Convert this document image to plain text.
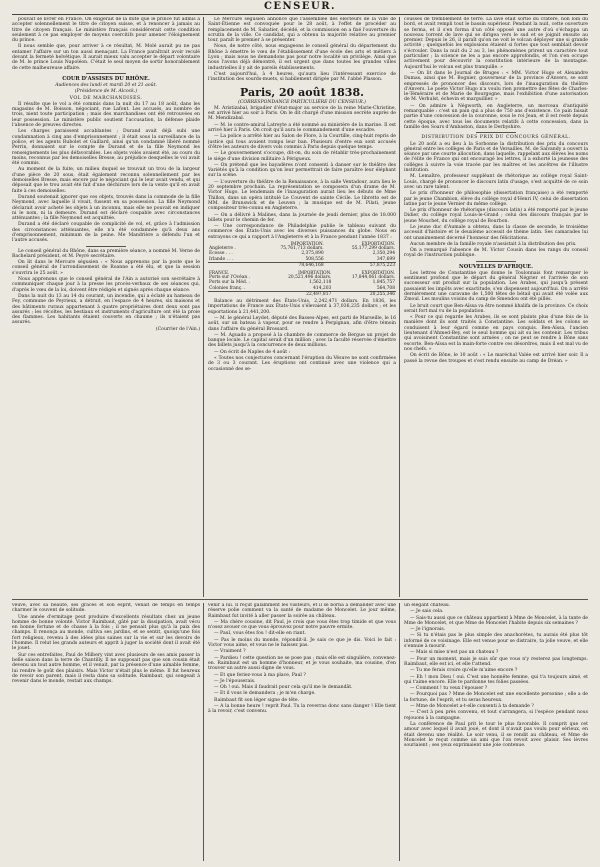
CENSEUR.

pouvait se livrer en France. On exigerait de la dûte que le prince fût admis à accepter solennellement le titre de citoyen suisse, et à renoncer à jamais au titre de citoyen français. Le ministère français considérerait cette condition seulement à ce pas employer de moyens coercitifs pour amener l'éloignement du prince.

Il nous semble que, pour arriver à ce résultat, M. Molé aurait pu ne pas entamer l'affaire sur un ton aussi menaçant. La France paraîtrait avoir reculé devant la fermeté helvétique. Il aurait mieux valu accepter le départ volontaire de M. le prince Louis Napoléon. C'était le seul moyen de sortir honorablement de cette malheureuse affaire.

COUR D'ASSISES DU RHÔNE.

Audiences des lundi et mardi 20 et 21 août.

(Présidence de M. Alcock.)

VOL DE MARCHANDISES.

Il résulte que le vol a été commis dans la nuit du 17 au 18 août, dans les magasins de M. Boisson, négociant, rue Lafont. Les accusés, au nombre de trois, nient toute participation ; mais des marchandises ont été retrouvées en leur possession. Le ministère public soutient l'accusation, la défense plaide l'absence de preuves directes.

Les charges paraissent accablantes ; Durand avait déjà subi une condamnation à cinq ans d'emprisonnement ; il était sous la surveillance de la police, et les agents Rubolet et Gaillard, ainsi qu'un condamné libéré nommé Perrin, donnaient sur le compte de Durand et de la fille Neymond les renseignements les plus défavorables. Les objets volés avaient été, au cours du moins, reconnus par les demoiselles Bresse, au préjudice desquelles le vol avait été commis.

Au moment de la fuite, un milieu duquel se trouvait un trou de la largeur d'une pièce de 20 sous, était également reconnu solennellement par les demoiselles Bresse, mais encore par le négociant qui le leur avait vendu, et qui déposait que le trou avait été fait d'une déchirure lors de la vente qu'il en avait faite à ces demoiselles.

Durand soutenait ignorer que ces objets, trouvés dans la commode de la fille Neymond, avec laquelle il vivait, fussent en sa possession. La fille Neymond déclarait avoir acheté les objets à un inconnu, mais elle ne pouvait en indiquer ni le nom, ni la demeure. Durand est déclaré coupable avec circonstances atténuantes ; la fille Neymond est acquittée.

Durand a été déclaré coupable de complicité de vol, et, grâce à l'admission des circonstances atténuantes, elle n'a été condamnée qu'à deux ans d'emprisonnement, minimum de la peine. Me Mandrière a défendu l'un et l'autre accusés.

Le conseil général du Rhône, dans sa première séance, a nommé M. Verne de Bachelard président, et M. Peyré secrétaire.

On lit dans le Mercure ségusien : « Nous apprenons par la poste que le conseil général de l'arrondissement de Roanne a été élu, et que la session s'ouvrira le 25 août. »

Nous apprenons que le conseil général de l'Ain a autorisé son secrétaire à communiquer chaque jour à la presse les procès-verbaux de ses séances qui, d'après le vœu de la loi, doivent être rédigés et signés après chaque séance.

Dans la nuit du 13 au 14 du courant, un incendie, qui a éclaté au hameau de Fey, commune de Peyrieux, a détruit, en l'espace de 4 heures, six maisons et des bâtiments ruraux appartenant à quatre propriétaires dont deux sont pas assurés ; les récoltes, les bestiaux et instruments d'agriculture ont été la proie des flammes. Les habitants étaient couverts en chaume ; ils n'étaient pas assurés.

(Courrier de l'Ain.)

Le Mercure ségusien annonce que l'assemblée des électeurs de la ville de Saint-Étienne est convoquée pour le 28 août, à l'effet de procéder au remplacement de M. Sabatier, décédé, et la commission en a fixé l'ouverture du scrutin de la ville. Ce candidat, qui a obtenu la majorité relative au premier tour, paraît le premier à se présenter.

Nous, de notre côté, nous engageons le conseil général du département du Rhône à émettre le vœu de l'établissement d'une école des arts et métiers à Lyon ; mais nous ne demandons pas pour notre localité un privilège. Ainsi que nous l'avons déjà démontré, il est urgent que dans toutes les grandes villes industrielles il y ait de pareils établissements.

C'est aujourd'hui, à 4 heures, qu'aura lieu l'intéressant exercice de l'institution des sourds-muets, si habilement dirigée par M. l'abbé Plasson.

Paris, 20 août 1838.

(CORRESPONDANCE PARTICULIÈRE DU CENSEUR.)

M. Aristizabal, brigadier d'état-major au service de la reine Marie-Christine, est arrivé hier au soir à Paris. On le dit chargé d'une mission secrète auprès de M. Mendizabal.

— M. le contre-amiral Latreyte a été nommé au ministère de la marine. Il est arrivé hier à Paris. On croit qu'il aura le commandement d'une escadre.

— La police a arrêté hier au Salon de Flore, à la Courtille, cinq-huit repris de justice qui tous avaient rompu leur ban. Plusieurs d'entre eux sont accusés d'être les auteurs de divers vols commis à Paris depuis quelque temps.

— Le gouvernement s'occupe, dit-on, du soin de rétablir très-prochainement le siége d'une division militaire à Périgueux.

— On prétend que les bayadères n'ont consenti à danser sur le théâtre des Variétés qu'à la condition qu'on leur permettrait de faire paraître leur éléphant sur la scène.

— L'ouverture du théâtre de la Renaissance, à la salle Ventadour, aura lieu le 20 septembre prochain. La représentation se composera d'un drame de M. Victor Hugo. Le lendemain de l'inauguration aurait lieu les débuts de Mme Thillon, dans un opéra intitulé Le Couvent de sainte Cécile. Le libretto est de MM. de Brunswick et de Leuven ; la musique est de M. Pilati, jeune compositeur très-connu en Angleterre.

— On a délivré à Malines, dans la journée de jeudi dernier, plus de 18.000 billets pour le chemin de fer.

— Une correspondance de Philadelphie publie le tableau suivant du commerce des États-Unis avec les diverses puissances du globe. Nous en extrayons ce qui a rapport à l'Angleterre et à la France pendant l'année 1837 :

	IMPORTATION.	EXPORTATION.
Angleterre .	75,761,713 dollars.	55,177,299 dollars.
Écosse . . .	2,375,890	2,350,294
Irlande . . .	508,556	347,699
	78,646,168	57,875,223
FRANCE.	IMPORTATION.	EXPORTATION.
Ports sur l'Océan .	20,521,496 dollars.	17,844,061 dollars.
Ports sur la Méd. .	1,562,118	1,845,757
Colonies franç. .	414,203	564,708
	22,497,817	20,255,346

Balance au détriment des États-Unis, 2,242,471 dollars. En 1836, les importations de France aux États-Unis s'élevaient à 37,036,235 dollars ; et les exportations à 21,441,200.

— M. le général Leydet, député des Basses-Alpes, est parti de Marseille, le 16 août, sur un bateau à vapeur, pour se rendre à Perpignan, afin d'être témoin dans l'affaire du général Brossard.

— M. Aguado a proposé à la chambre de commerce de Bergue un projet de banque locale. Le capital serait d'un million ; avec la faculté réservée d'émettre des billets jusqu'à la concurrence de deux millions.

— On écrit de Naples de 4 août :

« Toutes nos conjectures concernant l'éruption du Vésuve ne sont confirmées de 3 ou 3 courant. Les éruptions ont continué avec une violence qui a occasionné des se-

cousses de tremblement de terre. La lave était sortie du cratère, non loin du bord, et avait rempli tout le bassin supérieur. Pendant la nuit, cette ouverture se ferma, et il s'en forma d'un côté opposé une autre d'où s'échappa un nouveau torrent de lave qui se dirigea vers le sud et se joignit ensuite au premier. Depuis le 26, il paraît qu'on ne voit le volcan déployer une si grande activité ; quelquefois les explosions étaient si fortes que tout semblait devoir s'écrouler. Dans la nuit du 2 au 3, les phénomènes prirent un caractère tout particulier ; la science ne les a pas encore approfondis, et l'on s'en occupe activement pour découvrir la constitution intérieure de la montagne. Aujourd'hui le volcan est plus tranquille. »

— On lit dans le Journal de Bruges : « MM. Victor Hugo et Alexandre Dumas, ainsi que M. Bognier, gouverneur de la province d'Anvers, se sont empressés de prononcer des discours, lors de l'inauguration du théâtre d'Anvers. Le poète Victor Hugo n'a voulu rien promettre des fêtes de Charles-le-Téméraire et de Marie de Bourgogne, mais l'exhibition d'une autorisation de M. Verhulst, échevin et marguillier. »

— On admire à Négworth, en Angleterre, un morceau d'antiquité remarquable : c'est un pain qui a plus de 750 ans d'existence. Ce pain faisait partie d'une concession de la couronne, sous le roi Jean, et il est resté depuis cette époque, avec tous les documents relatifs à cette concession, dans la famille des Soars d'Ambaston, dans le Derbyshire.

DISTRIBUTION DES PRIX DU CONCOURS GÉNÉRAL.

Le 20 août a eu lieu à la Sorbonne la distribution des prix du concours général entre les collèges de Paris et de Versailles. M. de Salvandy a ouvert la séance par une courte allocution, dans laquelle, rappelant aux élèves les noms de l'élite de France qui ont encouragé les lettres, il a exhorté la jeunesse des collèges à suivre la voie tracée par les maîtres et les ancêtres de l'illustre institution.

M. Lemaître, professeur suppléant de rhétorique au collège royal Saint-Louis, chargé de prononcer le discours latin d'usage, s'est acquitté de ce soin avec un rare talent.

Le prix d'honneur de philosophie (dissertation française) a été remporté par le jeune Chambion, élève du collège royal d'Henri IV, celui de dissertation latine par le jeune Vernier du même collège.

Le prix d'honneur de rhétorique (discours latin) a été remporté par le jeune Didier, du collège royal Louis-le-Grand ; celui des discours français par le jeune Mouchet, du collège royal de Bourbon.

Le jeune duc d'Aumale a obtenu, dans la classe de seconde, le troisième accessit d'histoire et le deuxième accessit de thème latin. Ses camarades lui ont unanimement décerné l'honneur des félicitations.

Aucun membre de la famille royale n'assistait à la distribution des prix.

On a remarqué l'absence de M. Victor Cousin dans les rangs du conseil royal de l'instruction publique.

NOUVELLES D'AFRIQUE.

Les lettres de Constantine que donne le Toulonnais font remarquer le sentiment profond que le départ du général Négrier et l'arrivée de son successeur ont produit sur la population. Les Arabes, qui jusqu'à présent passaient les impôts avec exactitude, s'en dispensent aujourd'hui. On a arrêté dernièrement une caravane de 1,500 têtes de bétail qui avait été volée aux Zmoul. Les moulins voisins du camp de Smendou ont été pillés.

Le bruit court que Ben-Aïssa va être nommé khalifa de la province. Ce choix serait fort mal vu de la population.

« Pour ce qui regarde les Arabes, ils se sont plaints plus d'une fois de la manière dont ils sont traités à Constantine. Les soldats et les colons se conduisent à leur égard comme en pays conquis. Ben-Aïssa, l'ancien lieutenant d'Ahmed-Bey, est le seul homme qui ait su les contenir. Les tribus qui avoisinent Constantine sont armées ; on ne peut se rendre à Bône sans escorte. Ben-Aïssa est la main-forte contre ces désordres, mais il est mal vu de nos chefs. »

On écrit de Bône, le 10 août : « Le maréchal Valée est arrivé hier soir. Il a passé la revue des troupes et s'est rendu ensuite au camp de Dréan. »

veuve, avec sa beauté, ses grâces et son esprit, venait de temps en temps charmer le couvent de solitude.

Une année d'ermitage peut produire d'excellents résultats chez un jeune homme de bonne volonté. Victor Raimbaut, gâté par la dissipation, avait vécu en bonne fortune et de chasse à la fois ; il ne pensait plus qu'à la paix des champs. Il renonça au monde, cultiva ses jardins, et se sentit, quoiqu'une fois fort religieux, revenu à des idées plus saines sur la vie et sur les devoirs de l'homme. Il relut les grands auteurs et apprit à juger la société dont il avait été le jouet.

Sur ces entrefaites, Paul de Milbery vint avec plusieurs de ses amis passer la belle saison dans la terre de Chantilly. Il ne supposait pas que son cousin était devenu un tout autre homme, et il venait, par la présence d'une aimable femme, lui rendre le goût des plaisirs. Mais Victor n'était plus le même. Il fut heureux de revoir son parent, mais il resta dans sa solitude. Raimbaut, qui songeait à revenir dans le monde, restait aux champs.

venir à lui. Il reçut galamment les visiteurs, et il se borna à demander avec une réserve polie comment va la santé de madame de Moncelet. Le jour même, Raimbaut fut invité à aller passer la soirée au château.

— Ma chère cousine, dit Paul, je crois que vous êtes trop timide et que vous n'osez avouer ce que vous éprouvez pour notre pauvre ermite.

— Paul, vous êtes fou ! dit-elle en riant.

— Pas le moins du monde, répondit-il. Je sais ce que je dis. Voici le fait : Victor vous aime, et vous ne le haïssez pas.

— Vraiment ?

— Pardieu ! cette question ne se pose pas ; mais elle est singulière, convenez-en. Raimbaut est un homme d'honneur, et je vous souhaite, ma cousine, d'en trouver un autre aussi digne de vous.

— Et que feriez-vous à ma place, Paul ?

— Je l'épouserais.

— Oh ! oui. Mais il faudrait pour cela qu'il me le demandât.

— Et il vous le demandera ; je m'en charge.

Raimbaut fit son léger signe de tête.

— A la bonne heure ! reprit Paul. Tu la reverras donc sans danger ! Elle tient à la revoir, c'est convenu.

un élégant chateau.

— Je sais cela.

— Sais-tu aussi que ce château appartient à Mme de Moncelet, à la tante de Mme de Moncelet, et que Mme de Moncelet l'habite depuis six semaines ?

— Je l'ignorais.

— Si tu n'étais pas le plus simple des anachorètes, tu aurais été plus tôt informé de ce voisinage. Elle est venue pour se distraire, ta jolie veuve, et elle s'ennuie à mourir.

— Mais si mise n'est pas un chateau ?

— Pour un moment, mais je suis sûr que vous n'y resterez pas longtemps. Raimbaut, elle est ici, et elle t'attend.

— Tu me ferais croire qu'elle m'aime encore ?

— Eh ! mon Dieu ! oui. C'est une honnête femme, qui t'a toujours aimé, et qui t'aime encore. Elle te pardonne tes folies passées.

— Comment ! tu veux l'épouser ?

— Pourquoi pas ? Mme de Moncelet est une excellente personne ; elle a de la fortune, de l'esprit, et tu seras heureux.

— Mme de Moncelet a-t-elle consenti à ta demande ?

— C'est à peu près convenu, et tout s'arrangera, si l'espèce pendant nous rejouons à la campagne.

La conférence de Paul prit le tour le plus favorable. Il comprit que cet amour avec lequel il avait joué, et dont il n'avait pas voulu pour sérieux, en était devenu une réalité. Le soir venu, il se rendit au château, et Mme de Moncelet le reçut comme un ami que l'on revoit avec plaisir. Ses lèvres souriaient ; ses yeux exprimaient une joie contenue.
